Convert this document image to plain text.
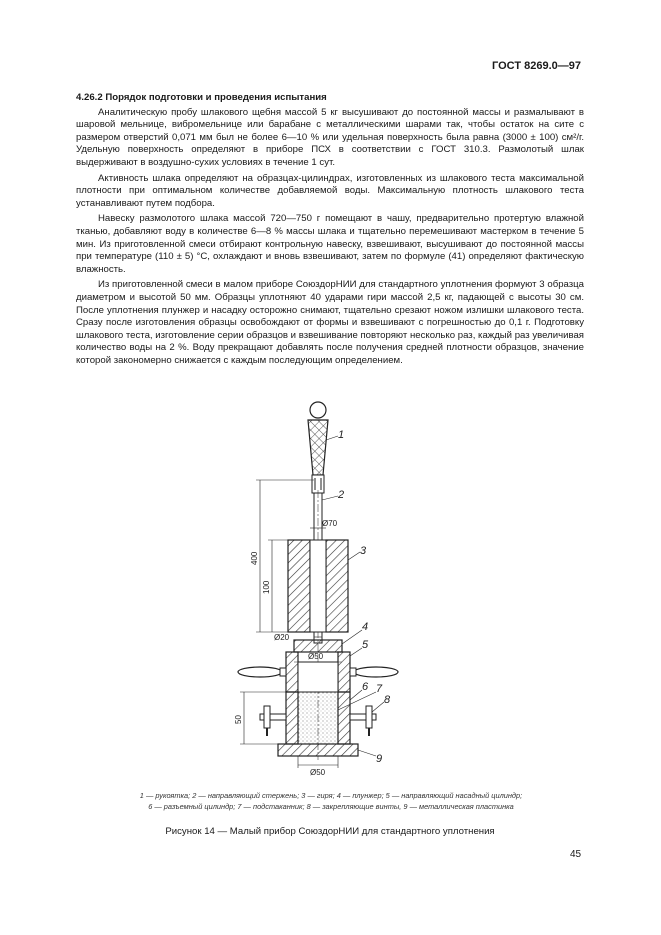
ГОСТ 8269.0—97

4.26.2 Порядок подготовки и проведения испытания

Аналитическую пробу шлакового щебня массой 5 кг высушивают до постоянной массы и размалывают в шаровой мельнице, вибромельнице или барабане с металлическими шарами так, чтобы остаток на сите с размером отверстий 0,071 мм был не более 6—10 % или удельная поверхность была равна (3000 ± 100) см²/г. Удельную поверхность определяют в приборе ПСХ в соответствии с ГОСТ 310.3. Размолотый шлак выдерживают в воздушно-сухих условиях в течение 1 сут.

Активность шлака определяют на образцах-цилиндрах, изготовленных из шлакового теста максимальной плотности при оптимальном количестве добавляемой воды. Максимальную плотность шлакового теста устанавливают путем подбора.

Навеску размолотого шлака массой 720—750 г помещают в чашу, предварительно протертую влажной тканью, добавляют воду в количестве 6—8 % массы шлака и тщательно перемешивают мастерком в течение 5 мин. Из приготовленной смеси отбирают контрольную навеску, взвешивают, высушивают до постоянной массы при температуре (110 ± 5) °С, охлаждают и вновь взвешивают, затем по формуле (41) определяют фактическую влажность.

Из приготовленной смеси в малом приборе СоюздорНИИ для стандартного уплотнения формуют 3 образца диаметром и высотой 50 мм. Образцы уплотняют 40 ударами гири массой 2,5 кг, падающей с высоты 30 см. После уплотнения плунжер и насадку осторожно снимают, тщательно срезают ножом излишки шлакового теста. Сразу после изготовления образцы освобождают от формы и взвешивают с погрешностью до 0,1 г. Подготовку шлакового теста, изготовление серии образцов и взвешивание повторяют несколько раз, каждый раз увеличивая количество воды на 2 %. Воду прекращают добавлять после получения средней плотности образцов, значение которой закономерно снижается с каждым последующим определением.

Ø70
Ø20
Ø50
Ø50
400
100
50
1
2
3
4
5
6 7
8
9
1 — рукоятка; 2 — направляющий стержень; 3 — гиря; 4 — плунжер; 5 — направляющий насадный цилиндр;
6 — разъемный цилиндр; 7 — подстаканник; 8 — закрепляющие винты, 9 — металлическая пластинка
Рисунок 14 — Малый прибор СоюздорНИИ для стандартного уплотнения
45
